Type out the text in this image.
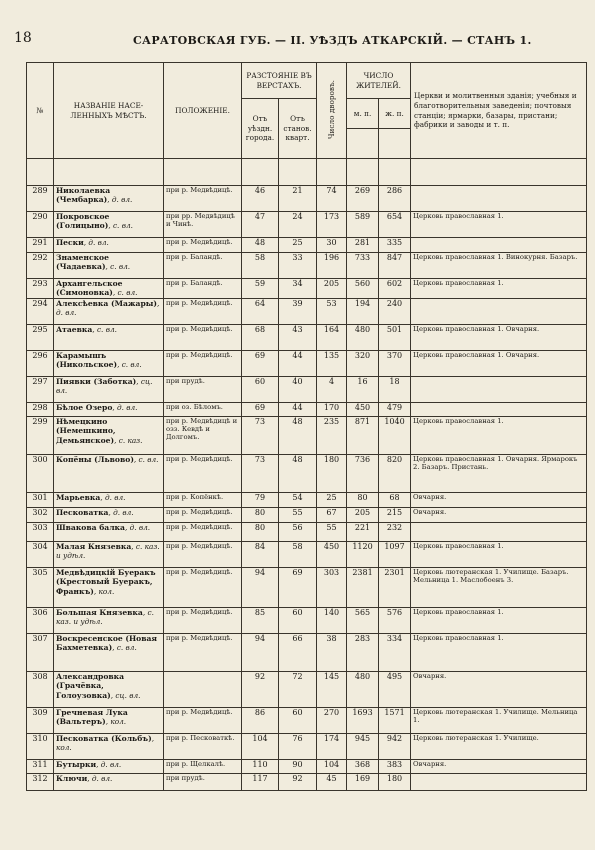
18	САРАТОВСКАЯ ГУБ. — II. УѢЗДЪ АТКАРСКІЙ. — СТАНЪ 1.
№	НАЗВАНІЕ НАСЕ-ЛЕННЫХЪ МѢСТЪ.	ПОЛОЖЕНІЕ.	РАЗСТОЯНІЕ ВЪ ВЕРСТАХЪ.		Число дворовъ.	ЧИСЛО ЖИТЕЛЕЙ.		Церкви и молитвенныя зданія; учебныя и благотворительныя заведенія; почтовыя станціи; ярмарки, базары, пристани; фабрики и заводы и т. п.
			Отъ уѣздн. города.	Отъ станов. кварт.		м. п.	ж. п.	

289	Николаевка (Чембарка), д. вл.	при р. Медвѣдицѣ.	46	21	74	269	286	
290	Покровское (Голицыно), с. вл.	при рр. Медвѣдицѣ и Чинѣ.	47	24	173	589	654	Церковь православная 1.
291	Пески, д. вл.	при р. Медвѣдицѣ.	48	25	30	281	335	
292	Знаменское (Чадаевка), с. вл.	при р. Баландѣ.	58	33	196	733	847	Церковь православная 1. Винокурня. Базаръ.
293	Архангельское (Симоновка), с. вл.	при р. Баландѣ.	59	34	205	560	602	Церковь православная 1.
294	Алексѣевка (Мажары), д. вл.	при р. Медвѣдицѣ.	64	39	53	194	240	
295	Атаевка, с. вл.	при р. Медвѣдицѣ.	68	43	164	480	501	Церковь православная 1. Овчарня.
296	Карамышъ (Никольское), с. вл.	при р. Медвѣдицѣ.	69	44	135	320	370	Церковь православная 1. Овчарня.
297	Пиявки (Заботка), сц. вл.	при прудѣ.	60	40	4	16	18	
298	Бѣлое Озеро, д. вл.	при оз. Бѣломъ.	69	44	170	450	479	
299	Нѣмецкино (Немешкино, Демьянское), с. каз.	при р. Медвѣдицѣ и озз. Кевдѣ и Долгомъ.	73	48	235	871	1040	Церковь православная 1.
300	Копёны (Львово), с. вл.	при р. Медвѣдицѣ.	73	48	180	736	820	Церковь православная 1. Овчарня. Ярмарокъ 2. Базаръ. Пристань.
301	Марьевка, д. вл.	при р. Копёнкѣ.	79	54	25	80	68	Овчарня.
302	Песковатка, д. вл.	при р. Медвѣдицѣ.	80	55	67	205	215	Овчарня.
303	Швакова балка, д. вл.	при р. Медвѣдицѣ.	80	56	55	221	232	
304	Малая Князевка, с. каз. и удѣл.	при р. Медвѣдицѣ.	84	58	450	1120	1097	Церковь православная 1.
305	Медвѣдицкій Буеракъ (Крестовый Буеракъ, Франкъ), кол.	при р. Медвѣдицѣ.	94	69	303	2381	2301	Церковь лютеранская 1. Училище. Базаръ. Мельница 1. Маслобоенъ 3.
306	Большая Князевка, с. каз. и удѣл.	при р. Медвѣдицѣ.	85	60	140	565	576	Церковь православная 1.
307	Воскресенское (Новая Бахметевка), с. вл.	при р. Медвѣдицѣ.	94	66	38	283	334	Церковь православная 1.
308	Александровка (Грачёвка, Голоузовка), сц. вл.		92	72	145	480	495	Овчарня.
309	Гречневая Лука (Вальтеръ), кол.	при р. Медвѣдицѣ.	86	60	270	1693	1571	Церковь лютеранская 1. Училище. Мельница 1.
310	Песковатка (Кольбъ), кол.	при р. Песковаткѣ.	104	76	174	945	942	Церковь лютеранская 1. Училище.
311	Бутырки, д. вл.	при р. Щелкалѣ.	110	90	104	368	383	Овчарня.
312	Ключи, д. вл.	при прудѣ.	117	92	45	169	180	
